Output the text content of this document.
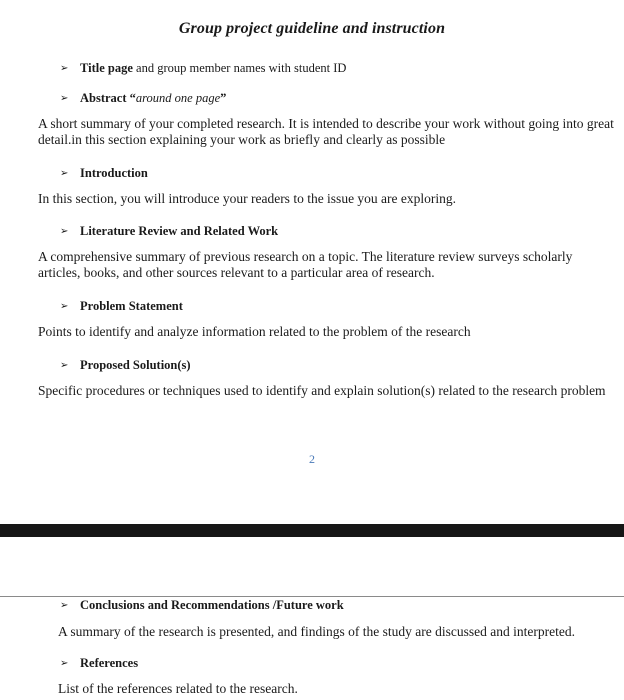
Group project guideline and instruction
➢ Title page and group member names with student ID
➢ Abstract “around one page”
A short summary of your completed research. It is intended to describe your work without going into great detail.in this section explaining your work as briefly and clearly as possible
➢ Introduction
In this section, you will introduce your readers to the issue you are exploring.
➢ Literature Review and Related Work
A comprehensive summary of previous research on a topic. The literature review surveys scholarly articles, books, and other sources relevant to a particular area of research.
➢ Problem Statement
Points to identify and analyze information related to the problem of the research
➢ Proposed Solution(s)
Specific procedures or techniques used to identify and explain solution(s) related to the research problem
2
➢ Conclusions and Recommendations /Future work
A summary of the research is presented, and findings of the study are discussed and interpreted.
➢ References
List of the references related to the research.
